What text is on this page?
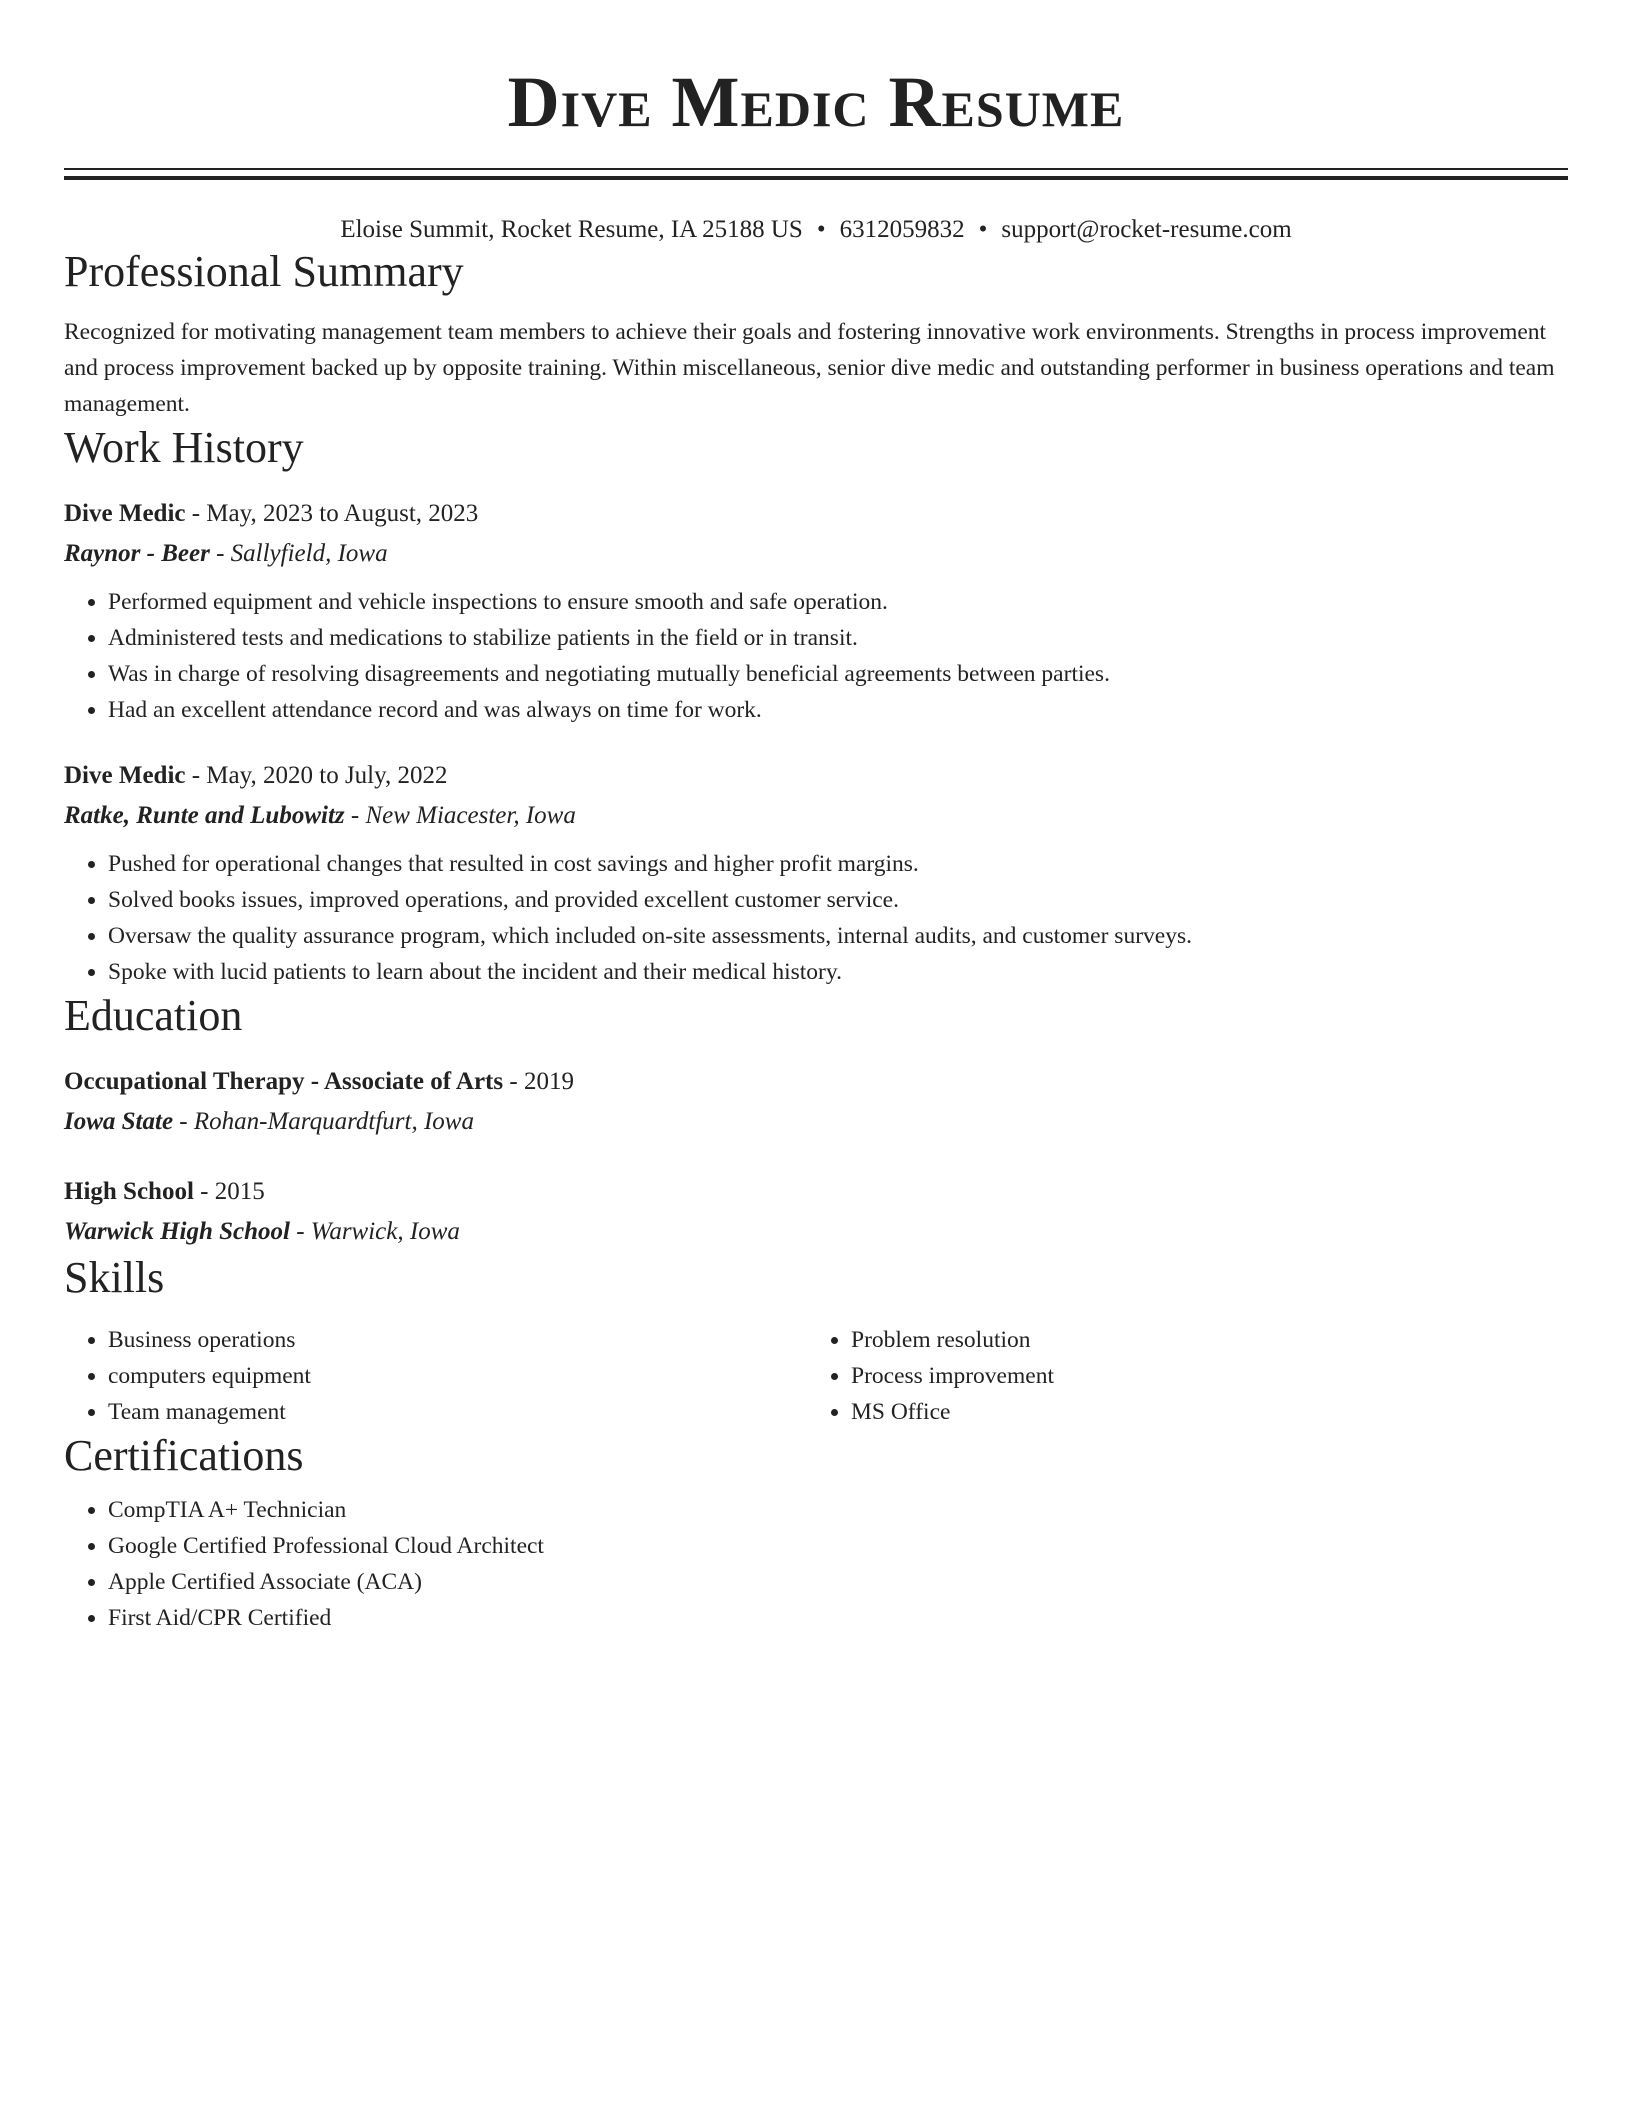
Dive Medic Resume
Eloise Summit, Rocket Resume, IA 25188 US • 6312059832 • support@rocket-resume.com
Professional Summary

Recognized for motivating management team members to achieve their goals and fostering innovative work environments. Strengths in process improvement and process improvement backed up by opposite training. Within miscellaneous, senior dive medic and outstanding performer in business operations and team management.

Work History
Dive Medic - May, 2023 to August, 2023
Raynor - Beer - Sallyfield, Iowa
• Performed equipment and vehicle inspections to ensure smooth and safe operation.
• Administered tests and medications to stabilize patients in the field or in transit.
• Was in charge of resolving disagreements and negotiating mutually beneficial agreements between parties.
• Had an excellent attendance record and was always on time for work.
Dive Medic - May, 2020 to July, 2022
Ratke, Runte and Lubowitz - New Miacester, Iowa
• Pushed for operational changes that resulted in cost savings and higher profit margins.
• Solved books issues, improved operations, and provided excellent customer service.
• Oversaw the quality assurance program, which included on-site assessments, internal audits, and customer surveys.
• Spoke with lucid patients to learn about the incident and their medical history.
Education
Occupational Therapy - Associate of Arts - 2019
Iowa State - Rohan-Marquardtfurt, Iowa
High School - 2015
Warwick High School - Warwick, Iowa
Skills
• Business operations
• computers equipment
• Team management
• Problem resolution
• Process improvement
• MS Office
Certifications
• CompTIA A+ Technician
• Google Certified Professional Cloud Architect
• Apple Certified Associate (ACA)
• First Aid/CPR Certified
